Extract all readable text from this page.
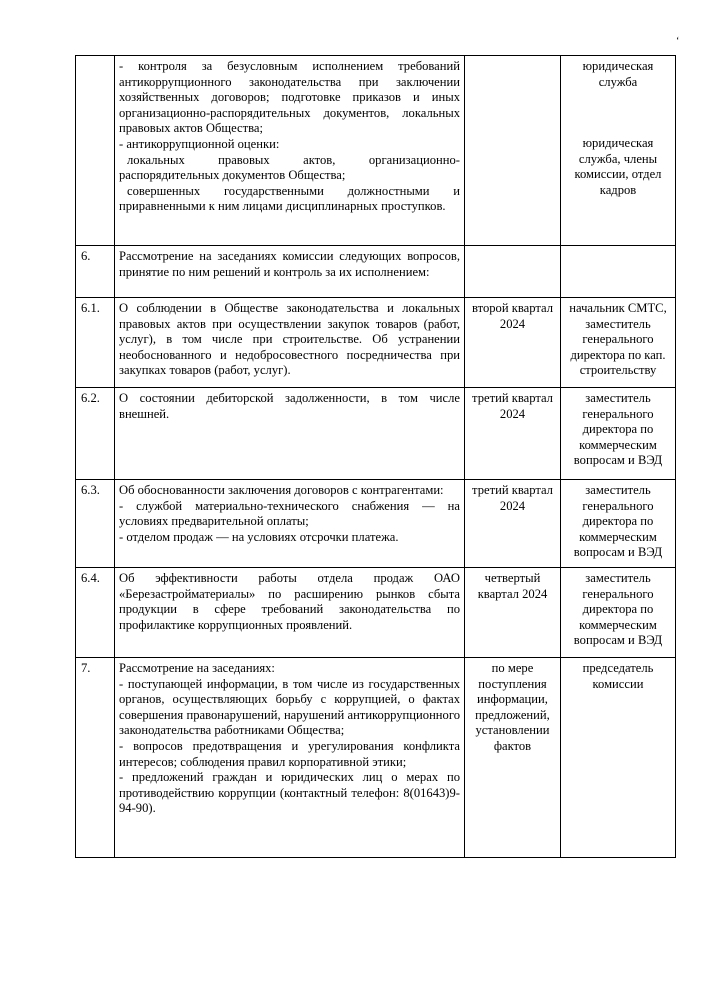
ʻ

	- контроля за безусловным исполнением требований антикоррупционного законодательства при заключении хозяйственных договоров; подготовке приказов и иных организационно-распорядительных документов, локальных правовых актов Общества;
- антикоррупционной оценки:
локальных правовых актов, организационно-распорядительных документов Общества;
совершенных государственными должностными и приравненными к ним лицами дисциплинарных проступков.		юридическая служба
юридическая служба, члены комиссии, отдел кадров

6.	Рассмотрение на заседаниях комиссии следующих вопросов, принятие по ним решений и контроль за их исполнением:		

6.1.	О соблюдении в Обществе законодательства и локальных правовых актов при осуществлении закупок товаров (работ, услуг), в том числе при строительстве. Об устранении необоснованного и недобросовестного посредничества при закупках товаров (работ, услуг).	второй квартал 2024	начальник СМТС, заместитель генерального директора по кап. строительству
6.2.	О состоянии дебиторской задолженности, в том числе внешней.	третий квартал 2024	заместитель генерального директора по коммерческим вопросам и ВЭД
6.3.	Об обоснованности заключения договоров с контрагентами:
- службой материально-технического снабжения — на условиях предварительной оплаты;
- отделом продаж — на условиях отсрочки платежа.	третий квартал 2024	заместитель генерального директора по коммерческим вопросам и ВЭД
6.4.	Об эффективности работы отдела продаж ОАО «Березастройматериалы» по расширению рынков сбыта продукции в сфере требований законодательства по профилактике коррупционных проявлений.	четвертый квартал 2024	заместитель генерального директора по коммерческим вопросам и ВЭД
7.	Рассмотрение на заседаниях:
- поступающей информации, в том числе из государственных органов, осуществляющих борьбу с коррупцией, о фактах совершения правонарушений, нарушений антикоррупционного законодательства работниками Общества;
- вопросов предотвращения и урегулирования конфликта интересов; соблюдения правил корпоративной этики;
- предложений граждан и юридических лиц о мерах по противодействию коррупции (контактный телефон: 8(01643)9-94-90).	по мере поступления информации, предложений, установлении фактов	председатель комиссии
